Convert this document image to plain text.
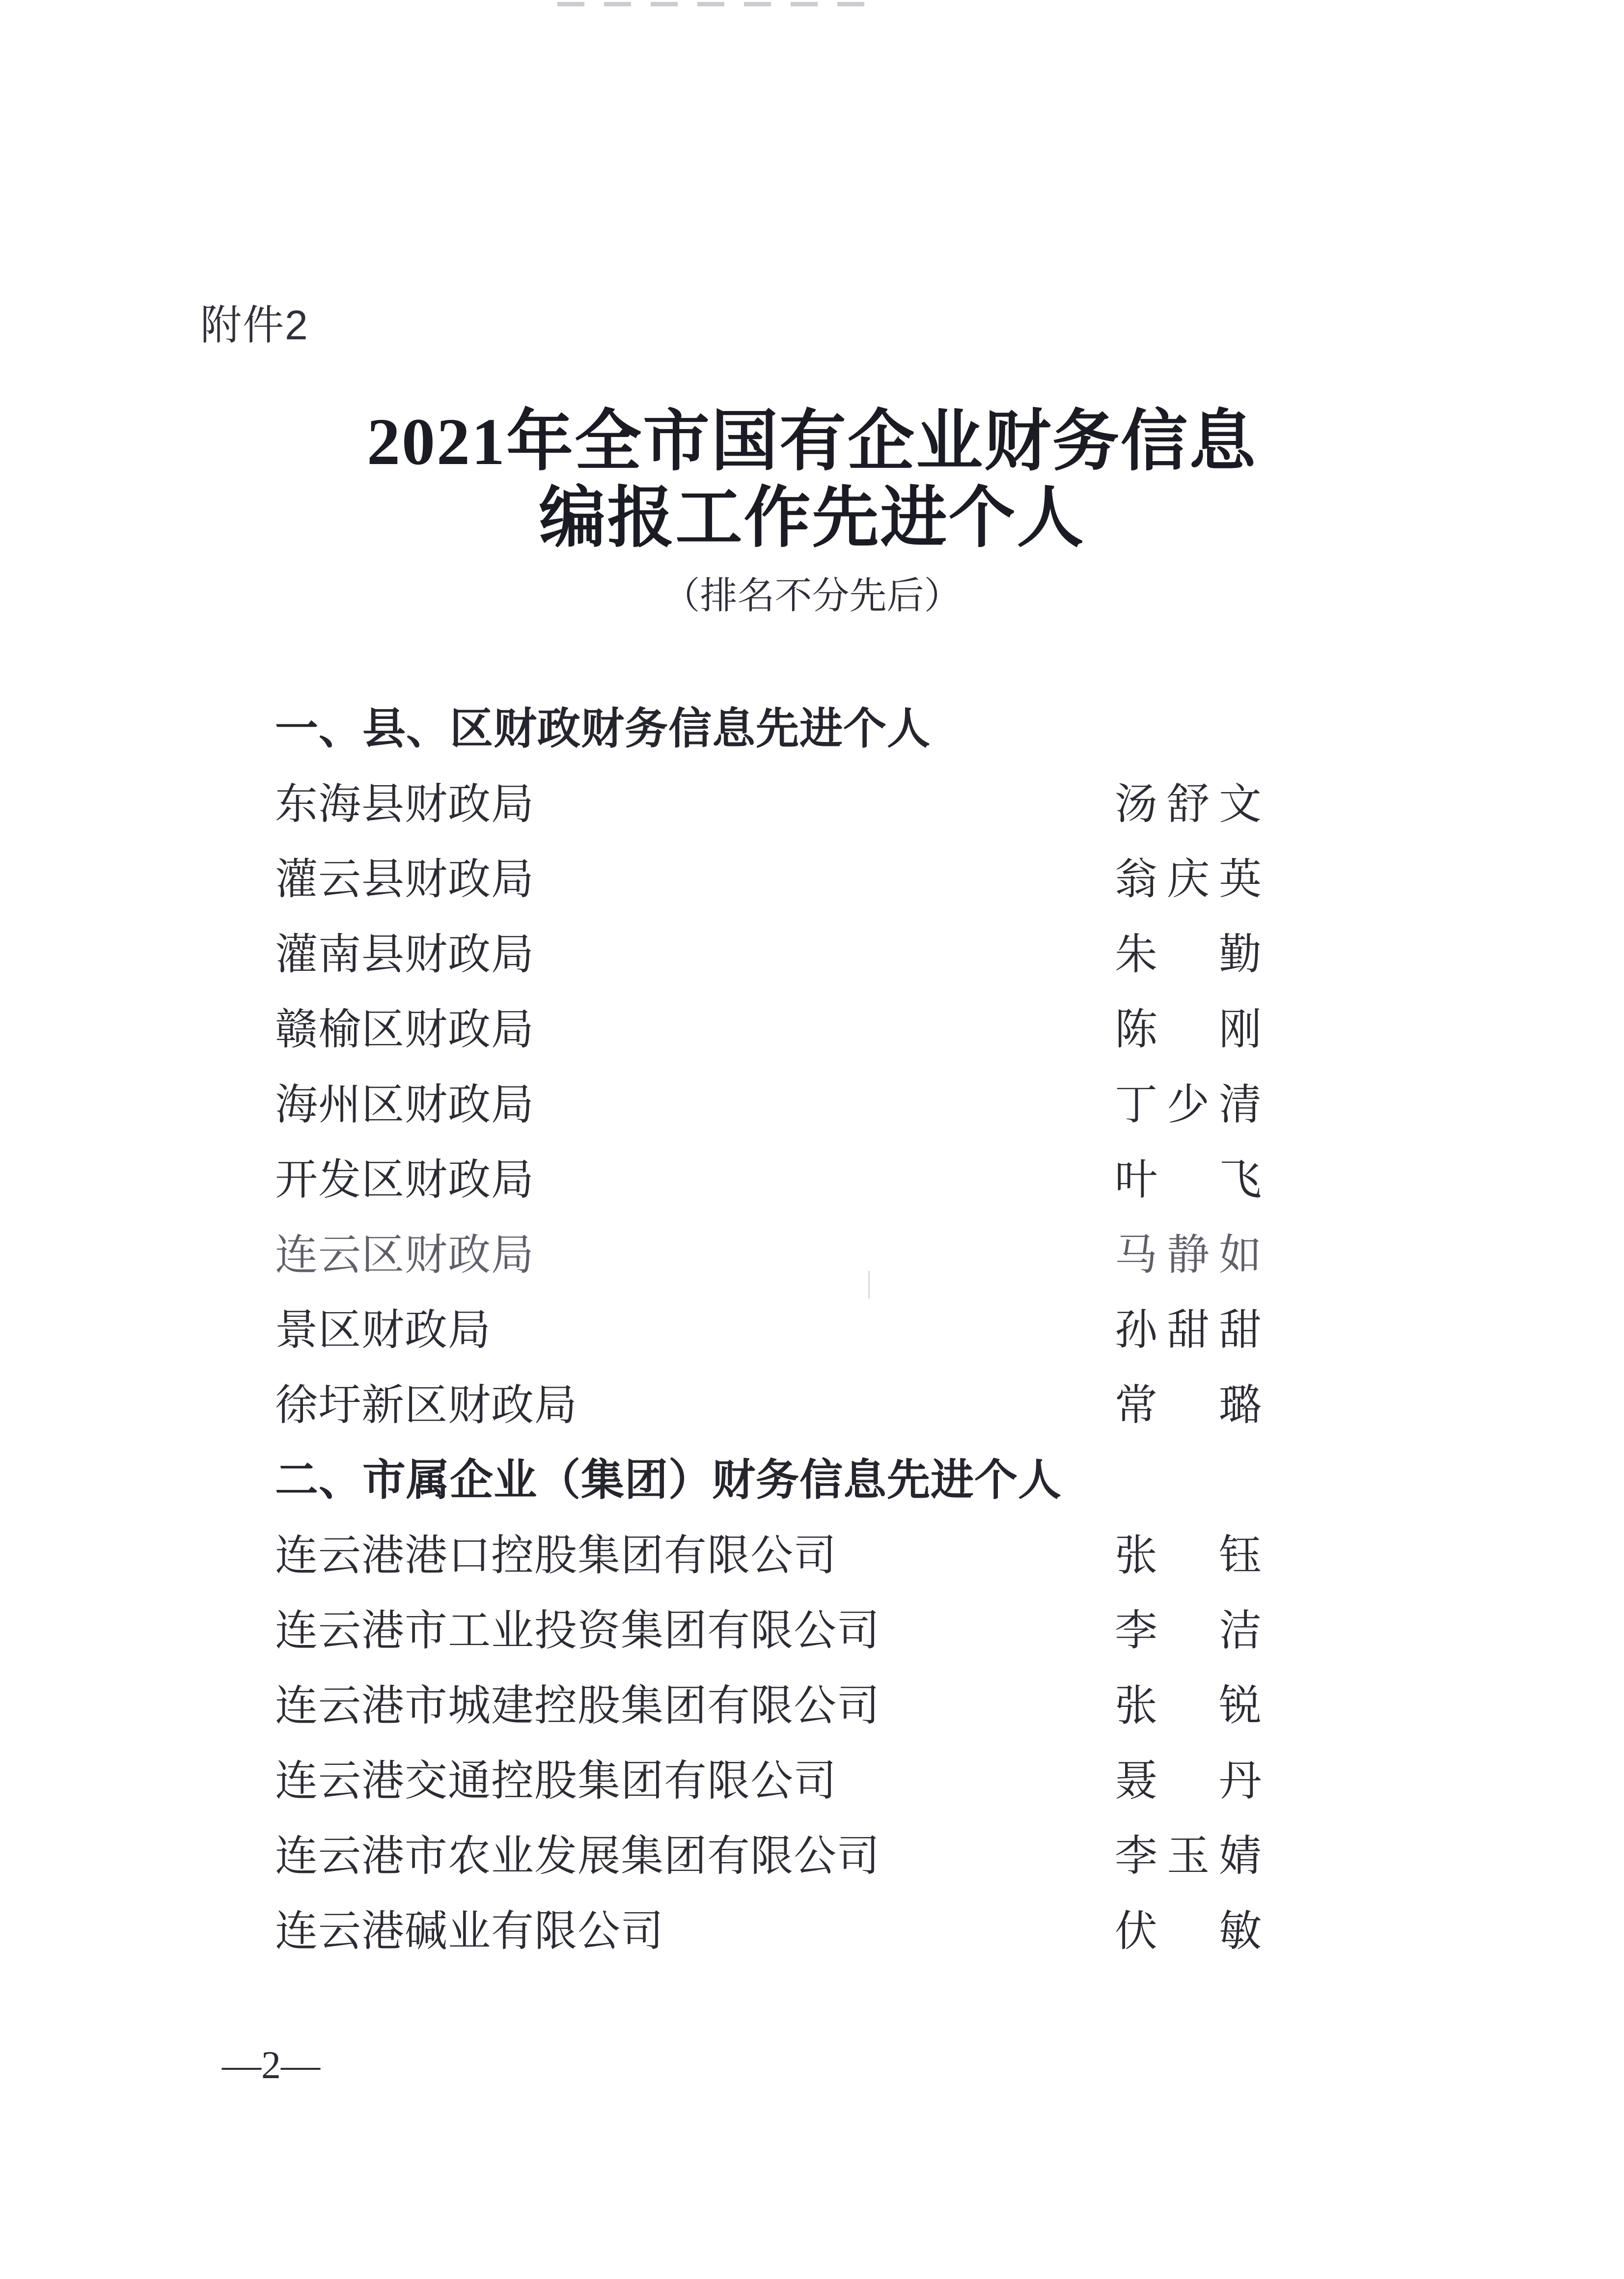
附件2
2021年全市国有企业财务信息
编报工作先进个人
（排名不分先后）
一、县、区财政财务信息先进个人
东海县财政局	汤舒文
灌云县财政局	翁庆英
灌南县财政局	朱勤
赣榆区财政局	陈刚
海州区财政局	丁少清
开发区财政局	叶飞
连云区财政局	马静如
景区财政局	孙甜甜
徐圩新区财政局	常璐
二、市属企业（集团）财务信息先进个人
连云港港口控股集团有限公司	张钰
连云港市工业投资集团有限公司	李洁
连云港市城建控股集团有限公司	张锐
连云港交通控股集团有限公司	聂丹
连云港市农业发展集团有限公司	李玉婧
连云港碱业有限公司	伏敏
—2—
